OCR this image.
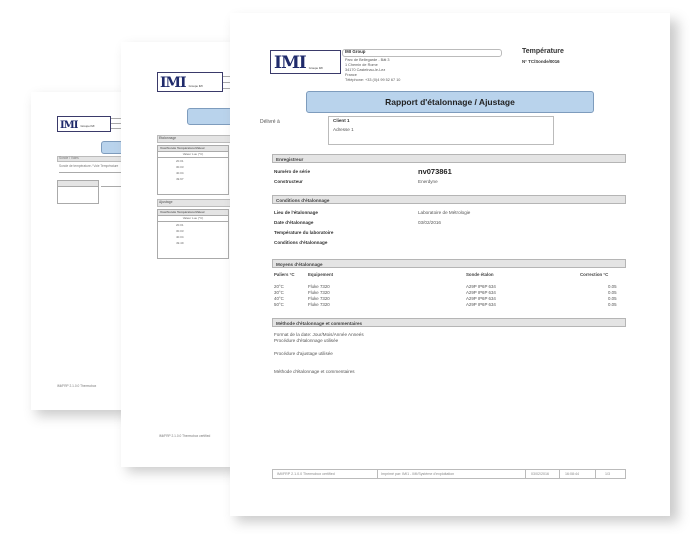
IMI Groupe IMI
Sonde / Voies
Sonde de température / Voie Température
IMI/FRP 2.1.0.0 Thermobox
IMI Groupe IMI
Etalonnage
Voie/Sonde Température/Valeur
Valeur Lue (°C)
20.01
30.03
40.04
49.97
Ajustage
Voie/Sonde Température/Valeur
Valeur Lue (°C)
20.01
30.03
40.04
49.49
IMI/FRP 2.1.0.0 Thermobox certified
IMI Groupe IMI
IMI Group
Parc de Bellegarde - Bât 3
1 Chemin de Rome
34170 Castelnau-le-Lez
France
Téléphone: +33 (0)4 99 52 67 10
Température
N° TC/Sonde/0016
Rapport d'étalonnage / Ajustage
Délivré à	Client 1
Adresse 1
Enregistreur
Numéro de série	nv073861
Constructeur	Enerdyne
Conditions d'étalonnage
Lieu de l'étalonnage	Laboratoire de Métrologie
Date d'étalonnage	03/02/2016
Température du laboratoire
Conditions d'étalonnage
Moyens d'étalonnage
Paliers °C	Equipement	Sonde étalon	Correction °C
20°C	Fluke 7320	A29P IP6P 634	0.05
30°C	Fluke 7320	A29P IP6P 634	0.05
40°C	Fluke 7320	A29P IP6P 634	0.05
50°C	Fluke 7320	A29P IP6P 634	0.05
Méthode d'étalonnage et commentaires
Format de la date: Jour/Mois/Année Anneés
Procédure d'étalonnage utilisée
Procédure d'ajustage utilisée
Méthode d'étalonnage et commentaires
IMI/FRP 2.1.0.0 Thermobox certified	Imprimé par: IMI1 - IMI/Système d'exploitation	03/02/2016	16:08:44	1/3
